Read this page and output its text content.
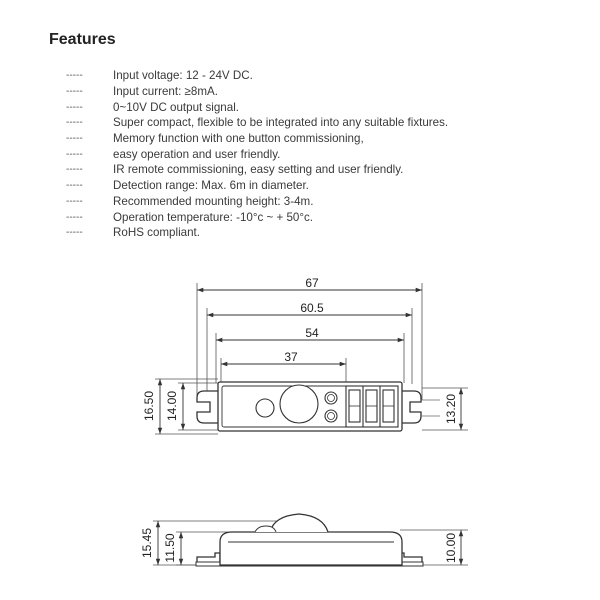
Features
-----	Input voltage: 12 - 24V DC.
-----	Input current: ≥8mA.
-----	0~10V DC output signal.
-----	Super compact, flexible to be integrated into any suitable fixtures.
-----	Memory function with one button commissioning,
-----	easy operation and user friendly.
-----	IR remote commissioning, easy setting and user friendly.
-----	Detection range: Max. 6m in diameter.
-----	Recommended mounting height: 3-4m.
-----	Operation temperature: -10°c ~ + 50°c.
-----	RoHS compliant.
67
60.5
54
37
16.50 14.00	13.20
15.45 11.50	10.00
